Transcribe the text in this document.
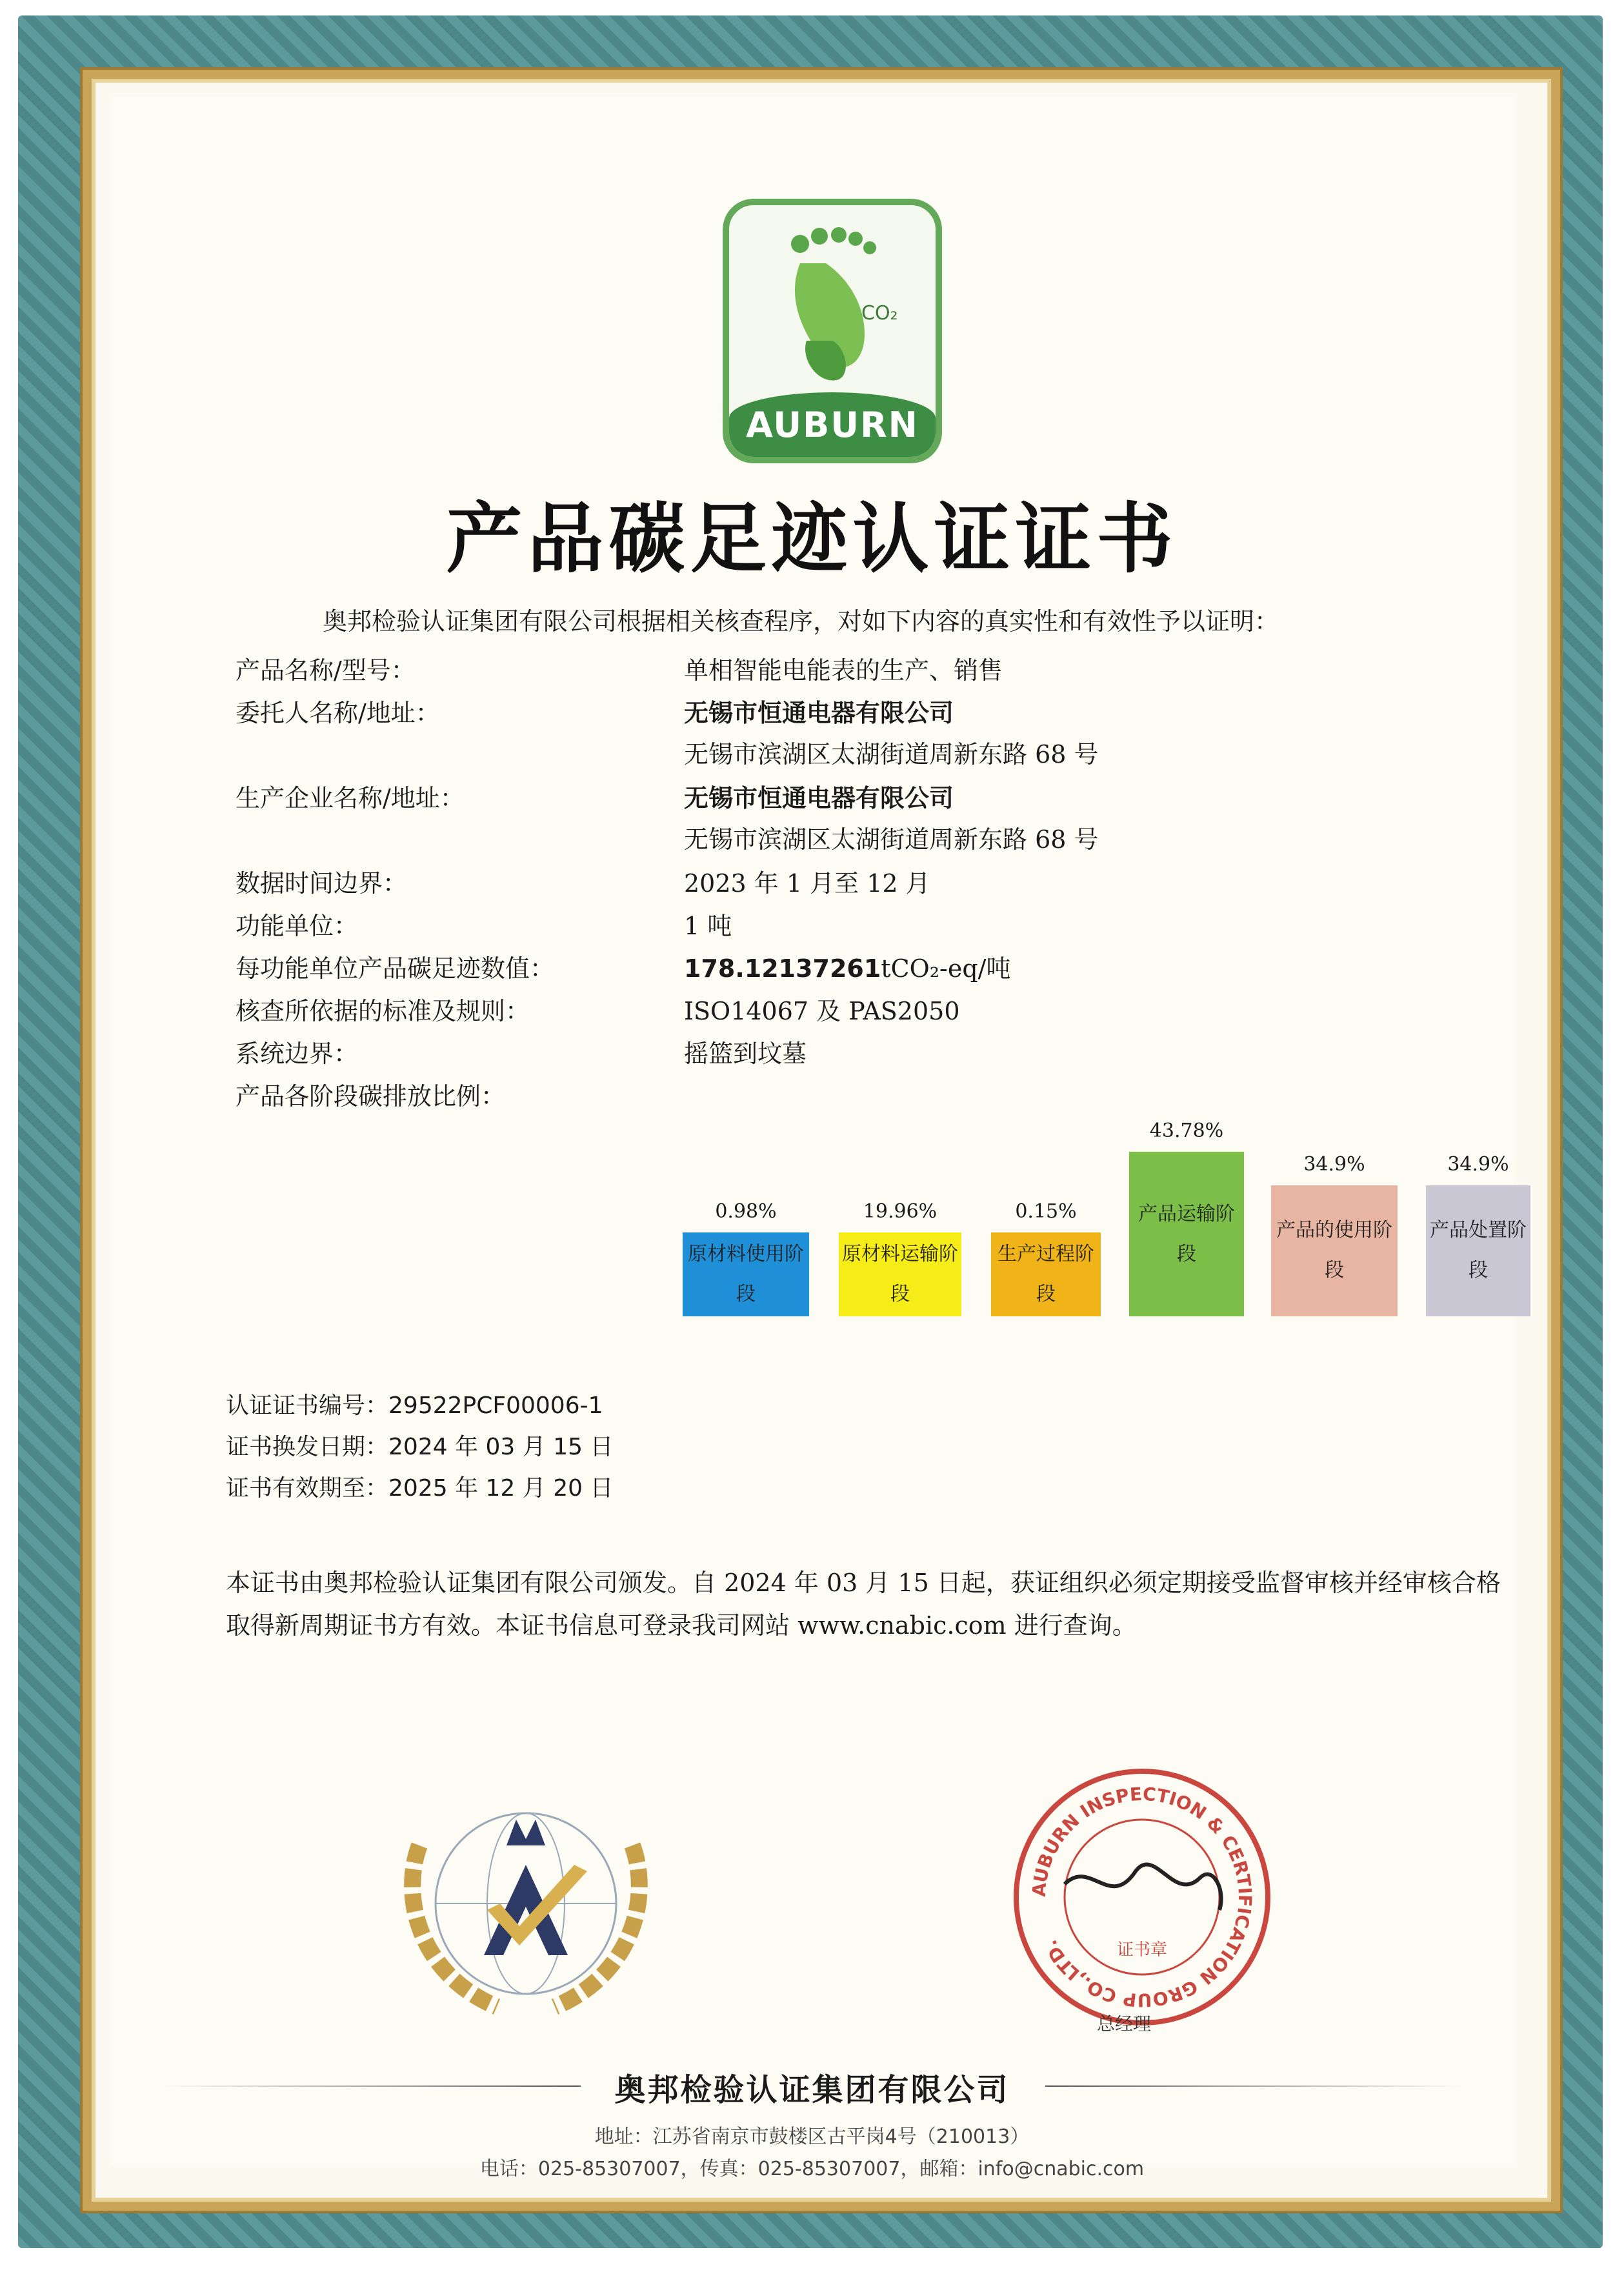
CO₂
AUBURN
产品碳足迹认证证书
奥邦检验认证集团有限公司根据相关核查程序，对如下内容的真实性和有效性予以证明：
产品名称/型号：	单相智能电能表的生产、销售
委托人名称/地址：	无锡市恒通电器有限公司
无锡市滨湖区太湖街道周新东路 68 号
生产企业名称/地址：	无锡市恒通电器有限公司
无锡市滨湖区太湖街道周新东路 68 号
数据时间边界：	2023 年 1 月至 12 月
功能单位：	1 吨
每功能单位产品碳足迹数值：	178.12137261tCO₂-eq/吨
核查所依据的标准及规则：	ISO14067 及 PAS2050
系统边界：	摇篮到坟墓
产品各阶段碳排放比例：
原材料使用阶段
0.98%
原材料运输阶段
19.96%
生产过程阶段
0.15%	产品运输阶段
43.78%
产品的使用阶段
34.9%
产品处置阶段
34.9%
认证证书编号：29522PCF00006-1
证书换发日期：2024 年 03 月 15 日
证书有效期至：2025 年 12 月 20 日
本证书由奥邦检验认证集团有限公司颁发。自 2024 年 03 月 15 日起，获证组织必须定期接受监督审核并经审核合格取得新周期证书方有效。本证书信息可登录我司网站 www.cnabic.com 进行查询。
AUBURN INSPECTION & CERTIFICATION GROUP CO.,LTD.	证书章
总经理
奥邦检验认证集团有限公司
地址：江苏省南京市鼓楼区古平岗4号（210013）
电话：025-85307007，传真：025-85307007，邮箱：info@cnabic.com
